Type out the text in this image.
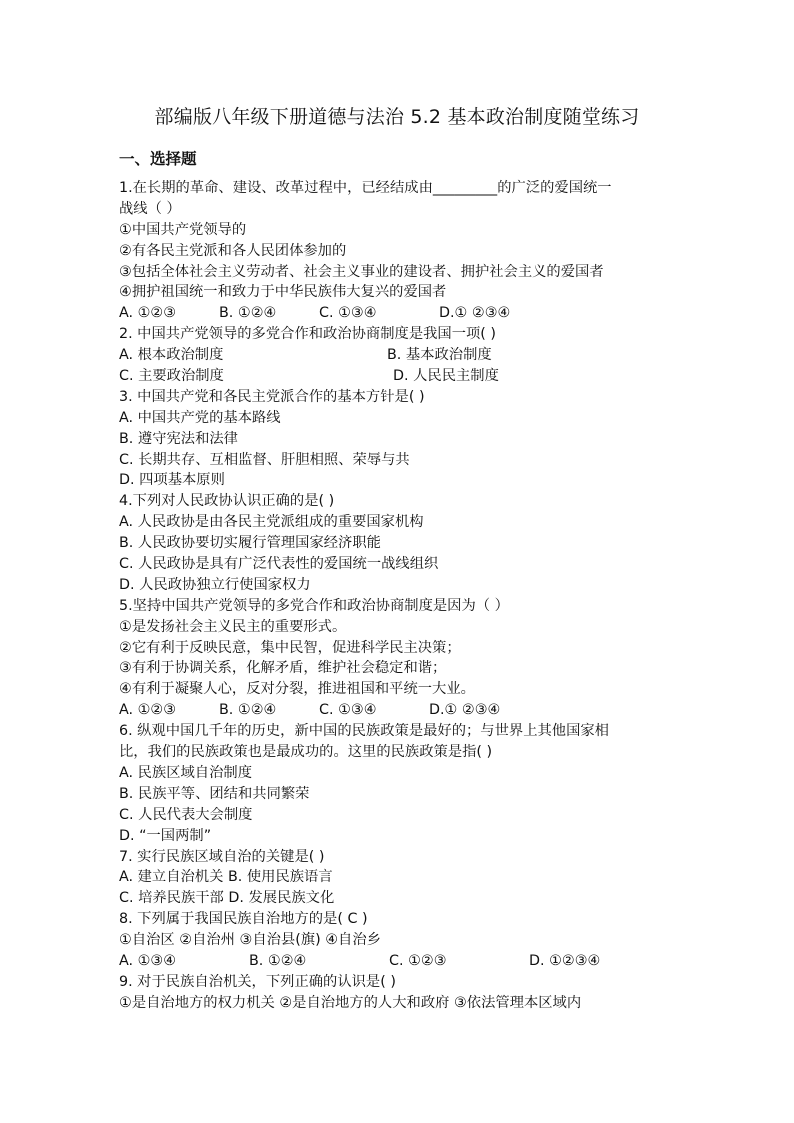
部编版八年级下册道德与法治 5.2 基本政治制度随堂练习
一、选择题
1.在长期的革命、建设、改革过程中，已经结成由_________的广泛的爱国统一
战线（ ）
①中国共产党领导的
②有各民主党派和各人民团体参加的
③包括全体社会主义劳动者、社会主义事业的建设者、拥护社会主义的爱国者
④拥护祖国统一和致力于中华民族伟大复兴的爱国者
A. ①②③	B. ①②④	C. ①③④	D.① ②③④
2. 中国共产党领导的多党合作和政治协商制度是我国一项( )
A. 根本政治制度	B. 基本政治制度
C. 主要政治制度	D. 人民民主制度
3. 中国共产党和各民主党派合作的基本方针是( )
A. 中国共产党的基本路线
B. 遵守宪法和法律
C. 长期共存、互相监督、肝胆相照、荣辱与共
D. 四项基本原则
4.下列对人民政协认识正确的是( )
A. 人民政协是由各民主党派组成的重要国家机构
B. 人民政协要切实履行管理国家经济职能
C. 人民政协是具有广泛代表性的爱国统一战线组织
D. 人民政协独立行使国家权力
5.坚持中国共产党领导的多党合作和政治协商制度是因为（ ）
①是发扬社会主义民主的重要形式。
②它有利于反映民意，集中民智，促进科学民主决策；
③有利于协调关系，化解矛盾，维护社会稳定和谐；
④有利于凝聚人心，反对分裂，推进祖国和平统一大业。
A. ①②③	B. ①②④	C. ①③④	D.① ②③④
6. 纵观中国几千年的历史，新中国的民族政策是最好的；与世界上其他国家相
比，我们的民族政策也是最成功的。这里的民族政策是指( )
A. 民族区域自治制度
B. 民族平等、团结和共同繁荣
C. 人民代表大会制度
D. “一国两制”
7. 实行民族区域自治的关键是( )
A. 建立自治机关 B. 使用民族语言
C. 培养民族干部 D. 发展民族文化
8. 下列属于我国民族自治地方的是( C )
①自治区 ②自治州 ③自治县(旗) ④自治乡
A. ①③④	B. ①②④	C. ①②③	D. ①②③④
9. 对于民族自治机关，下列正确的认识是( )
①是自治地方的权力机关 ②是自治地方的人大和政府 ③依法管理本区域内
